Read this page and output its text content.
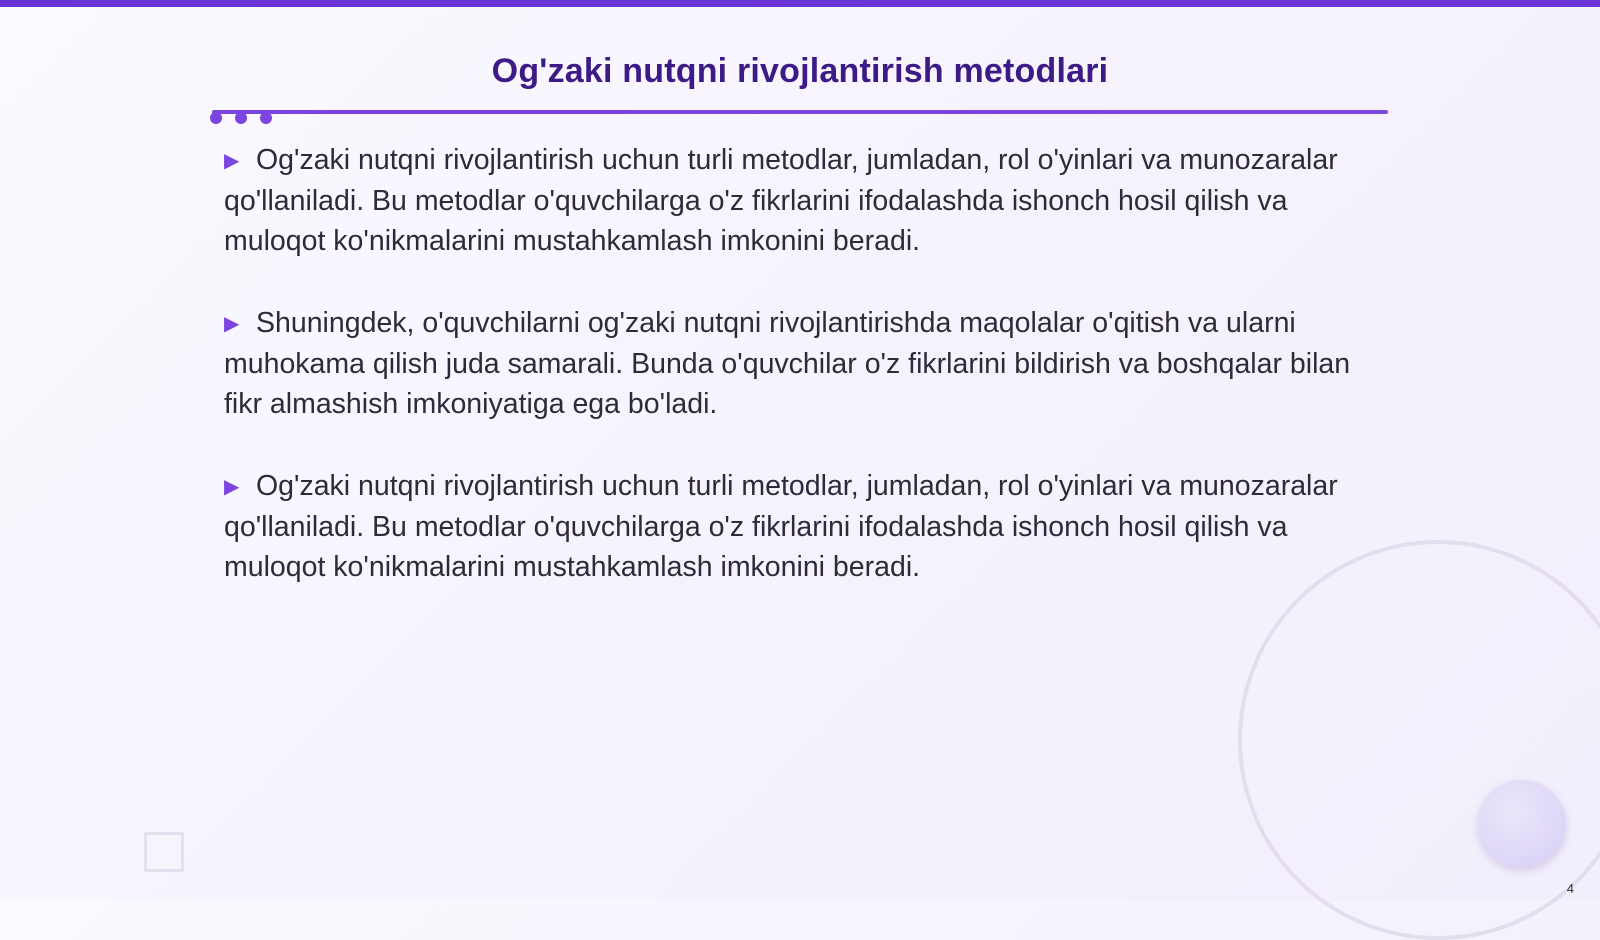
Og'zaki nutqni rivojlantirish metodlari

▶ Og'zaki nutqni rivojlantirish uchun turli metodlar, jumladan, rol o'yinlari va munozaralar qo'llaniladi. Bu metodlar o'quvchilarga o'z fikrlarini ifodalashda ishonch hosil qilish va muloqot ko'nikmalarini mustahkamlash imkonini beradi.

▶ Shuningdek, o'quvchilarni og'zaki nutqni rivojlantirishda maqolalar o'qitish va ularni muhokama qilish juda samarali. Bunda o'quvchilar o'z fikrlarini bildirish va boshqalar bilan fikr almashish imkoniyatiga ega bo'ladi.

▶ Og'zaki nutqni rivojlantirish uchun turli metodlar, jumladan, rol o'yinlari va munozaralar qo'llaniladi. Bu metodlar o'quvchilarga o'z fikrlarini ifodalashda ishonch hosil qilish va muloqot ko'nikmalarini mustahkamlash imkonini beradi.

4
